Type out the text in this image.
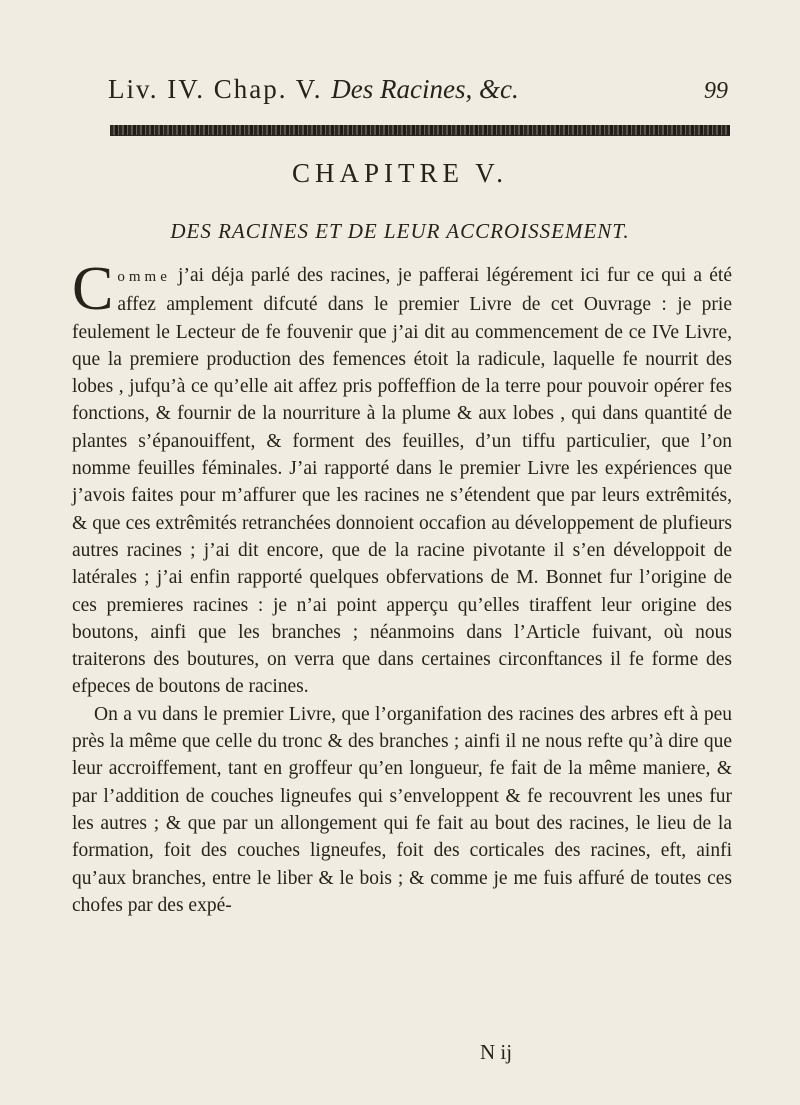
Liv. IV. Chap. V. Des Racines, &c.	99
CHAPITRE V.
DES RACINES ET DE LEUR ACCROISSEMENT.

Comme j’ai déja parlé des racines, je pafferai légérement ici fur ce qui a été affez amplement difcuté dans le premier Livre de cet Ouvrage : je prie feulement le Lecteur de fe fouvenir que j’ai dit au commencement de ce IVe Livre, que la premiere production des femences étoit la radicule, laquelle fe nourrit des lobes , jufqu’à ce qu’elle ait affez pris poffeffion de la terre pour pouvoir opérer fes fonctions, & fournir de la nourriture à la plume & aux lobes , qui dans quantité de plantes s’épanouiffent, & forment des feuilles, d’un tiffu particulier, que l’on nomme feuilles féminales. J’ai rapporté dans le premier Livre les expériences que j’avois faites pour m’affurer que les racines ne s’étendent que par leurs extrêmités, & que ces extrêmités retranchées donnoient occafion au développement de plufieurs autres racines ; j’ai dit encore, que de la racine pivotante il s’en développoit de latérales ; j’ai enfin rapporté quelques obfervations de M. Bonnet fur l’origine de ces premieres racines : je n’ai point apperçu qu’elles tiraffent leur origine des boutons, ainfi que les branches ; néanmoins dans l’Article fuivant, où nous traiterons des boutures, on verra que dans certaines circonftances il fe forme des efpeces de boutons de racines.

On a vu dans le premier Livre, que l’organifation des racines des arbres eft à peu près la même que celle du tronc & des branches ; ainfi il ne nous refte qu’à dire que leur accroiffement, tant en groffeur qu’en longueur, fe fait de la même maniere, & par l’addition de couches ligneufes qui s’enveloppent & fe recouvrent les unes fur les autres ; & que par un allongement qui fe fait au bout des racines, le lieu de la formation, foit des couches ligneufes, foit des corticales des racines, eft, ainfi qu’aux branches, entre le liber & le bois ; & comme je me fuis affuré de toutes ces chofes par des expé-

N ij
